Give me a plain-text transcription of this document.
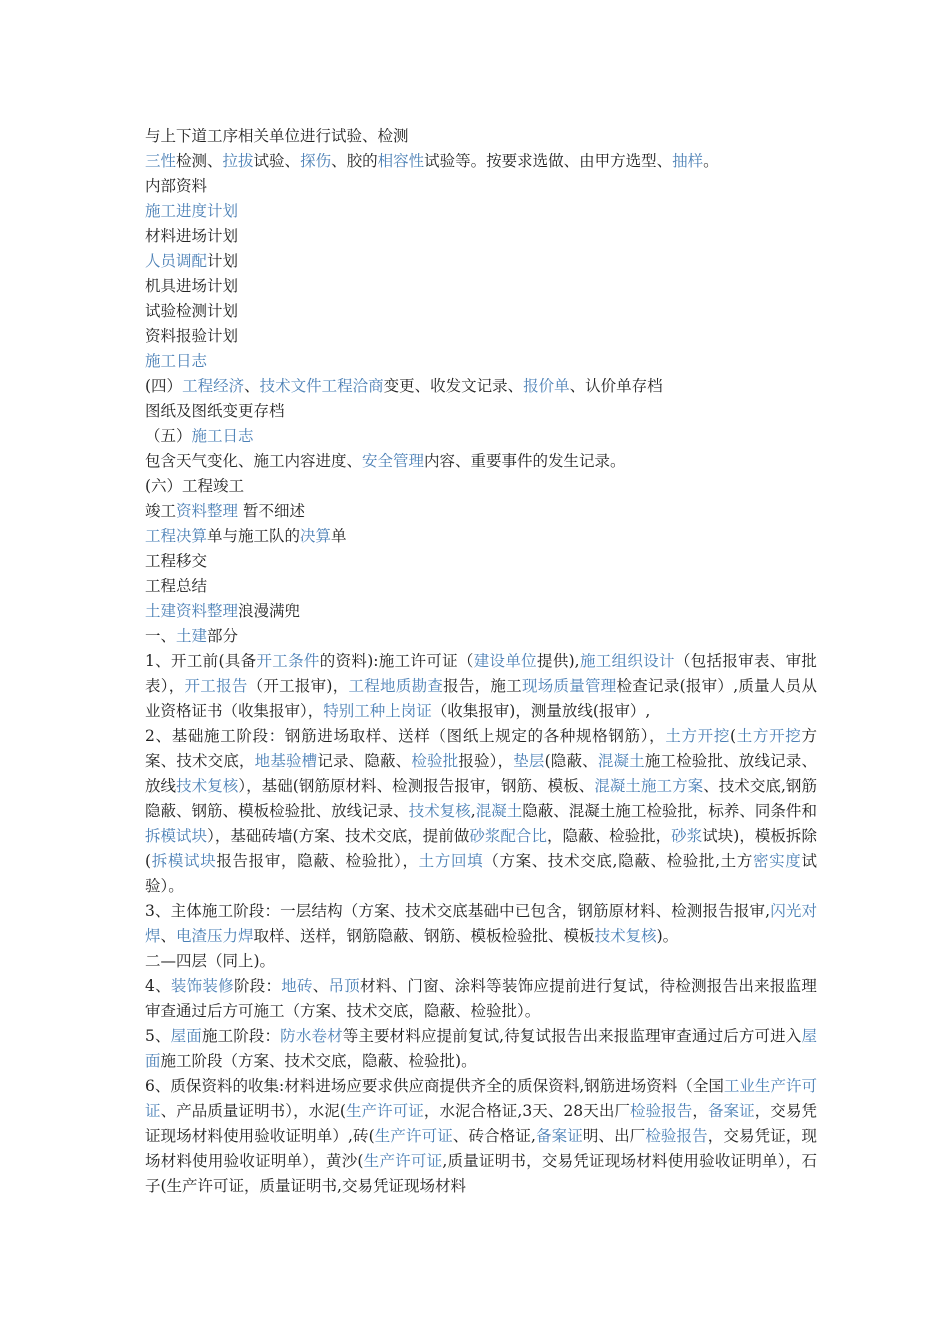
与上下道工序相关单位进行试验、检测
三性检测、拉拔试验、探伤、胶的相容性试验等。按要求选做、由甲方选型、抽样。
内部资料
施工进度计划
材料进场计划
人员调配计划
机具进场计划
试验检测计划
资料报验计划
施工日志
(四）工程经济、技术文件工程洽商变更、收发文记录、报价单、认价单存档
图纸及图纸变更存档
（五）施工日志
包含天气变化、施工内容进度、安全管理内容、重要事件的发生记录。
(六）工程竣工
竣工资料整理 暂不细述
工程决算单与施工队的决算单
工程移交
工程总结
土建资料整理浪漫满兜
一、土建部分
1、开工前(具备开工条件的资料):施工许可证（建设单位提供),施工组织设计（包括报审表、审批表），开工报告（开工报审)，工程地质勘查报告，施工现场质量管理检查记录(报审）,质量人员从业资格证书（收集报审），特别工种上岗证（收集报审)，测量放线(报审）,
2、基础施工阶段：钢筋进场取样、送样（图纸上规定的各种规格钢筋），土方开挖(土方开挖方案、技术交底，地基验槽记录、隐蔽、检验批报验），垫层(隐蔽、混凝土施工检验批、放线记录、放线技术复核），基础(钢筋原材料、检测报告报审，钢筋、模板、混凝土施工方案、技术交底,钢筋隐蔽、钢筋、模板检验批、放线记录、技术复核,混凝土隐蔽、混凝土施工检验批，标养、同条件和拆模试块），基础砖墙(方案、技术交底，提前做砂浆配合比，隐蔽、检验批，砂浆试块)，模板拆除(拆模试块报告报审，隐蔽、检验批），土方回填（方案、技术交底,隐蔽、检验批,土方密实度试验）。
3、主体施工阶段：一层结构（方案、技术交底基础中已包含，钢筋原材料、检测报告报审,闪光对焊、电渣压力焊取样、送样，钢筋隐蔽、钢筋、模板检验批、模板技术复核)。
二—四层（同上)。
4、装饰装修阶段：地砖、吊顶材料、门窗、涂料等装饰应提前进行复试，待检测报告出来报监理审查通过后方可施工（方案、技术交底，隐蔽、检验批）。
5、屋面施工阶段：防水卷材等主要材料应提前复试,待复试报告出来报监理审查通过后方可进入屋面施工阶段（方案、技术交底，隐蔽、检验批)。
6、质保资料的收集:材料进场应要求供应商提供齐全的质保资料,钢筋进场资料（全国工业生产许可证、产品质量证明书），水泥(生产许可证，水泥合格证,3天、28天出厂检验报告，备案证，交易凭证现场材料使用验收证明单）,砖(生产许可证、砖合格证,备案证明、出厂检验报告，交易凭证，现场材料使用验收证明单），黄沙(生产许可证,质量证明书，交易凭证现场材料使用验收证明单），石子(生产许可证，质量证明书,交易凭证现场材料
